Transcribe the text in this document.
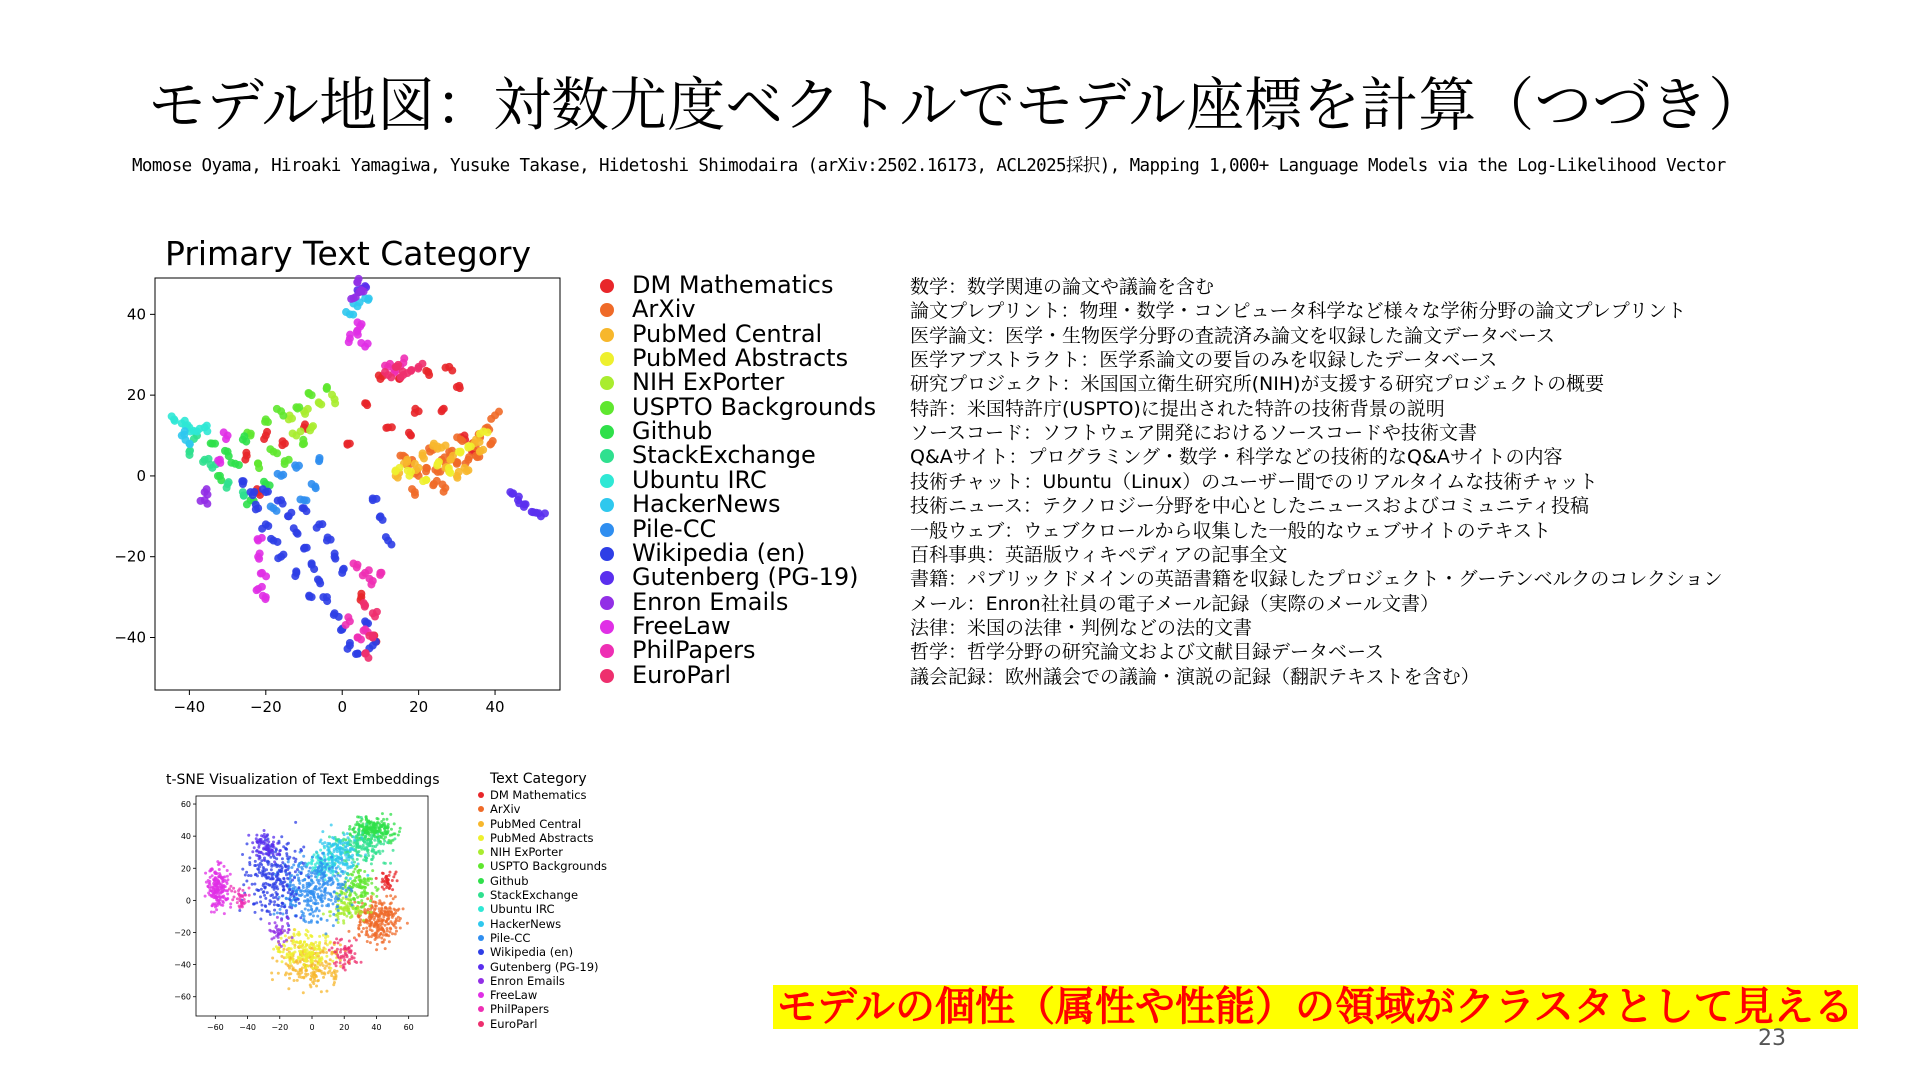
モデル地図：対数尤度ベクトルでモデル座標を計算（つづき）
Momose Oyama, Hiroaki Yamagiwa, Yusuke Takase, Hidetoshi Shimodaira (arXiv:2502.16173, ACL2025採択), Mapping 1,000+ Language Models via the Log-Likelihood Vector
Primary Text Category
−40	−20	0	20	40
−40
−20
0
20
40
DM Mathematics	数学：数学関連の論文や議論を含む
ArXiv	論文プレプリント：物理・数学・コンピュータ科学など様々な学術分野の論文プレプリント
PubMed Central	医学論文：医学・生物医学分野の査読済み論文を収録した論文データベース
PubMed Abstracts	医学アブストラクト：医学系論文の要旨のみを収録したデータベース
NIH ExPorter	研究プロジェクト：米国国立衛生研究所(NIH)が支援する研究プロジェクトの概要
USPTO Backgrounds 特許：米国特許庁(USPTO)に提出された特許の技術背景の説明
Github	ソースコード：ソフトウェア開発におけるソースコードや技術文書
StackExchange	Q&Aサイト：プログラミング・数学・科学などの技術的なQ&Aサイトの内容
Ubuntu IRC	技術チャット：Ubuntu（Linux）のユーザー間でのリアルタイムな技術チャット
HackerNews	技術ニュース：テクノロジー分野を中心としたニュースおよびコミュニティ投稿
Pile-CC	一般ウェブ：ウェブクロールから収集した一般的なウェブサイトのテキスト
Wikipedia (en)	百科事典：英語版ウィキペディアの記事全文
Gutenberg (PG-19)	書籍：パブリックドメインの英語書籍を収録したプロジェクト・グーテンベルクのコレクション
Enron Emails	メール：Enron社社員の電子メール記録（実際のメール文書）
FreeLaw	法律：米国の法律・判例などの法的文書
PhilPapers	哲学：哲学分野の研究論文および文献目録データベース
EuroParl	議会記録：欧州議会での議論・演説の記録（翻訳テキストを含む）
t-SNE Visualization of Text Embeddings
−60 −40 −20	0	20	40	60
−60
−40
−20
0
20
40
60
Text Category
DM Mathematics
ArXiv
PubMed Central
PubMed Abstracts
NIH ExPorter
USPTO Backgrounds
Github
StackExchange
Ubuntu IRC
HackerNews
Pile-CC
Wikipedia (en)
Gutenberg (PG-19)
Enron Emails
FreeLaw
PhilPapers
EuroParl	モデルの個性（属性や性能）の領域がクラスタとして見える
23
